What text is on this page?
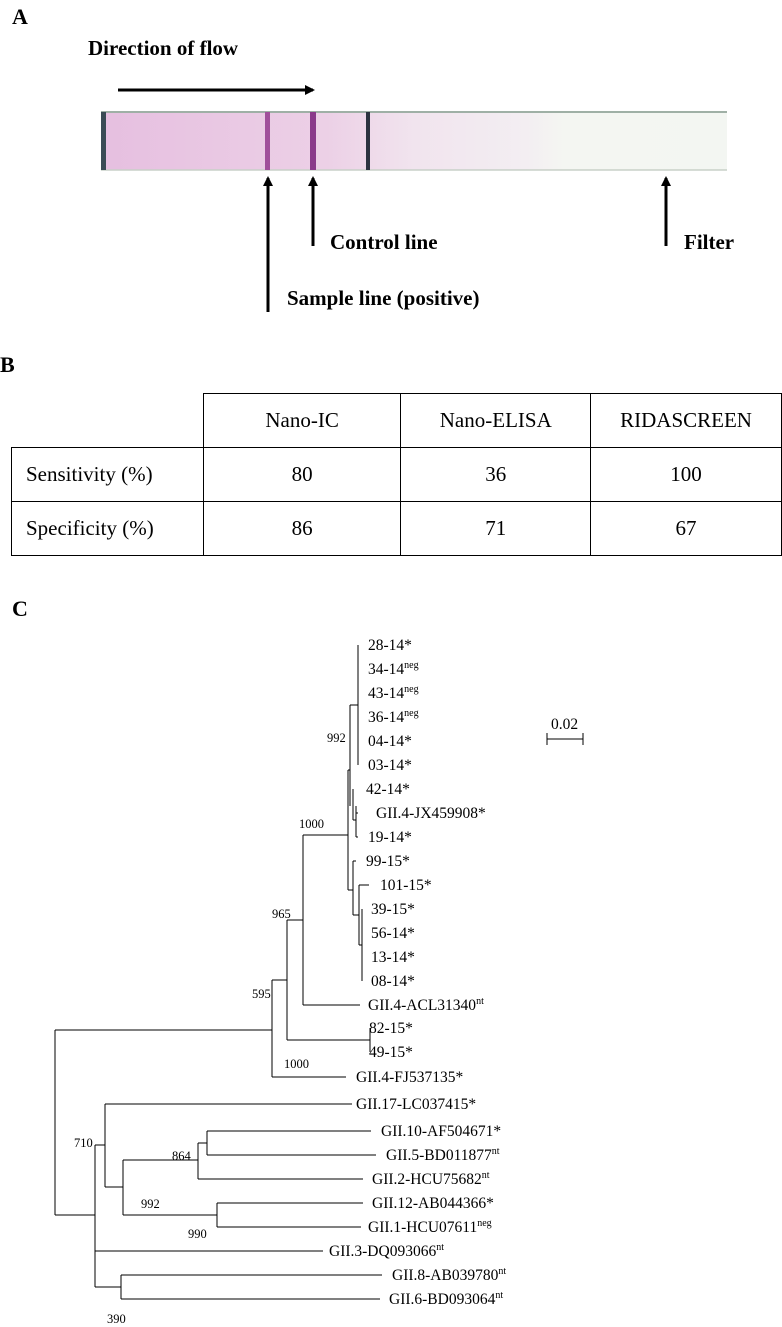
A
Direction of flow
Control line	Filter
Sample line (positive)
B
	Nano-IC	Nano-ELISA	RIDASCREEN
Sensitivity (%)	80	36	100
Specificity (%)	86	71	67
C
28-14*
$34-14^{neg}$
$43-14^{neg}$
$36-14^{neg}$
04-14*
03-14*
42-14*
GII.4-JX459908*
19-14*
99-15*
101-15*
39-15*
56-14*
13-14*
08-14*
$GII.4-ACL31340^{nt}$
82-15*
49-15*
GII.4-FJ537135*
GII.17-LC037415*
GII.10-AF504671*
$GII.5-BD011877^{nt}$
$GII.2-HCU75682^{nt}$
GII.12-AB044366*
$GII.1-HCU07611^{neg}$
$GII.3-DQ093066^{nt}$
$GII.8-AB039780^{nt}$
$GII.6-BD093064^{nt}$
992
1000
965
595
1000
710
864
992
990
390
0.02
